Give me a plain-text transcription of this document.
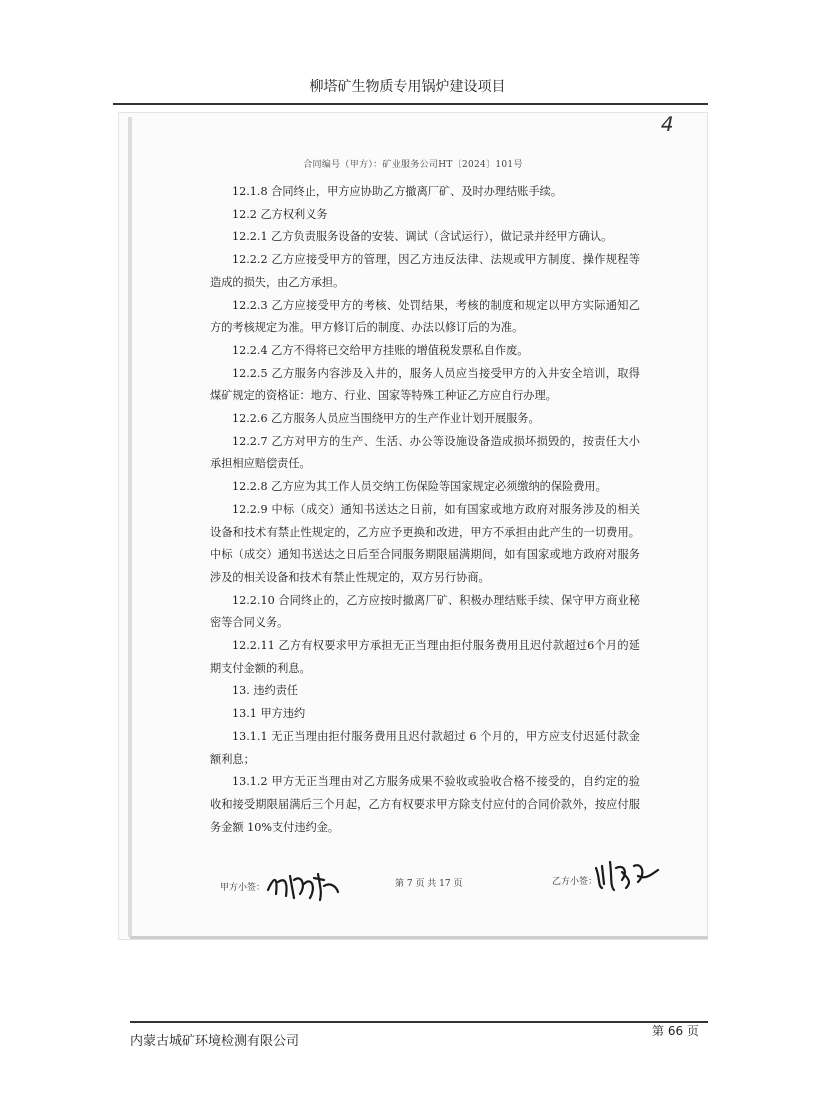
柳塔矿生物质专用锅炉建设项目
4
合同编号（甲方）：矿业服务公司HT〔2024〕101号

12.1.8 合同终止，甲方应协助乙方撤离厂矿、及时办理结账手续。

12.2 乙方权利义务

12.2.1 乙方负责服务设备的安装、调试（含试运行），做记录并经甲方确认。

12.2.2 乙方应接受甲方的管理，因乙方违反法律、法规或甲方制度、操作规程等造成的损失，由乙方承担。

12.2.3 乙方应接受甲方的考核、处罚结果，考核的制度和规定以甲方实际通知乙方的考核规定为准。甲方修订后的制度、办法以修订后的为准。

12.2.4 乙方不得将已交给甲方挂账的增值税发票私自作废。

12.2.5 乙方服务内容涉及入井的，服务人员应当接受甲方的入井安全培训，取得煤矿规定的资格证：地方、行业、国家等特殊工种证乙方应自行办理。

12.2.6 乙方服务人员应当围绕甲方的生产作业计划开展服务。

12.2.7 乙方对甲方的生产、生活、办公等设施设备造成损坏损毁的，按责任大小承担相应赔偿责任。

12.2.8 乙方应为其工作人员交纳工伤保险等国家规定必须缴纳的保险费用。

12.2.9 中标（成交）通知书送达之日前，如有国家或地方政府对服务涉及的相关设备和技术有禁止性规定的，乙方应予更换和改进，甲方不承担由此产生的一切费用。中标（成交）通知书送达之日后至合同服务期限届满期间，如有国家或地方政府对服务涉及的相关设备和技术有禁止性规定的，双方另行协商。

12.2.10 合同终止的，乙方应按时撤离厂矿、积极办理结账手续、保守甲方商业秘密等合同义务。

12.2.11 乙方有权要求甲方承担无正当理由拒付服务费用且迟付款超过6个月的延期支付金额的利息。

13. 违约责任

13.1 甲方违约

13.1.1 无正当理由拒付服务费用且迟付款超过 6 个月的，甲方应支付迟延付款金额利息；

13.1.2 甲方无正当理由对乙方服务成果不验收或验收合格不接受的，自约定的验收和接受期限届满后三个月起，乙方有权要求甲方除支付应付的合同价款外，按应付服务金额 10%支付违约金。

甲方小签：	第 7 页 共 17 页	乙方小签：
内蒙古城矿环境检测有限公司
第 66 页
